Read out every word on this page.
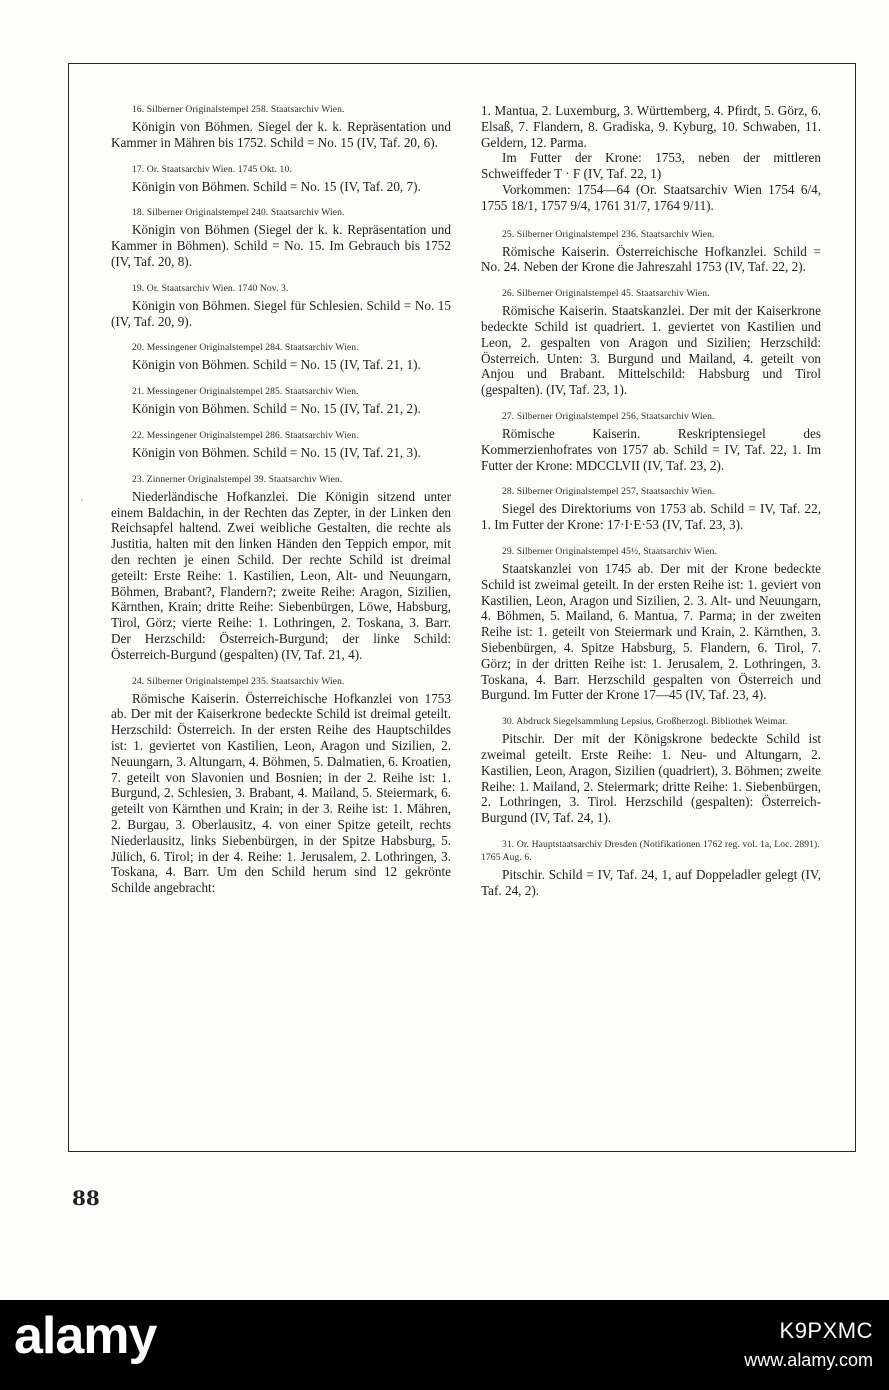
16. Silberner Originalstempel 258. Staatsarchiv Wien.

Königin von Böhmen. Siegel der k. k. Repräsentation und Kammer in Mähren bis 1752. Schild = No. 15 (IV, Taf. 20, 6).

17. Or. Staatsarchiv Wien. 1745 Okt. 10.

Königin von Böhmen. Schild = No. 15 (IV, Taf. 20, 7).

18. Silberner Originalstempel 240. Staatsarchiv Wien.

Königin von Böhmen (Siegel der k. k. Repräsentation und Kammer in Böhmen). Schild = No. 15. Im Gebrauch bis 1752 (IV, Taf. 20, 8).

19. Or. Staatsarchiv Wien. 1740 Nov. 3.

Königin von Böhmen. Siegel für Schlesien. Schild = No. 15 (IV, Taf. 20, 9).

20. Messingener Originalstempel 284. Staatsarchiv Wien.

Königin von Böhmen. Schild = No. 15 (IV, Taf. 21, 1).

21. Messingener Originalstempel 285. Staatsarchiv Wien.

Königin von Böhmen. Schild = No. 15 (IV, Taf. 21, 2).

22. Messingener Originalstempel 286. Staatsarchiv Wien.

Königin von Böhmen. Schild = No. 15 (IV, Taf. 21, 3).

23. Zinnerner Originalstempel 39. Staatsarchiv Wien.

Niederländische Hofkanzlei. Die Königin sitzend unter einem Baldachin, in der Rechten das Zepter, in der Linken den Reichsapfel haltend. Zwei weibliche Gestalten, die rechte als Justitia, halten mit den linken Händen den Teppich empor, mit den rechten je einen Schild. Der rechte Schild ist dreimal geteilt: Erste Reihe: 1. Kastilien, Leon, Alt- und Neuungarn, Böhmen, Brabant?, Flandern?; zweite Reihe: Aragon, Sizilien, Kärnthen, Krain; dritte Reihe: Siebenbürgen, Löwe, Habsburg, Tirol, Görz; vierte Reihe: 1. Lothringen, 2. Toskana, 3. Barr. Der Herzschild: Österreich-Burgund; der linke Schild: Österreich-Burgund (gespalten) (IV, Taf. 21, 4).

24. Silberner Originalstempel 235. Staatsarchiv Wien.

Römische Kaiserin. Österreichische Hofkanzlei von 1753 ab. Der mit der Kaiserkrone bedeckte Schild ist dreimal geteilt. Herzschild: Österreich. In der ersten Reihe des Hauptschildes ist: 1. geviertet von Kastilien, Leon, Aragon und Sizilien, 2. Neuungarn, 3. Altungarn, 4. Böhmen, 5. Dalmatien, 6. Kroatien, 7. geteilt von Slavonien und Bosnien; in der 2. Reihe ist: 1. Burgund, 2. Schlesien, 3. Brabant, 4. Mailand, 5. Steiermark, 6. geteilt von Kärnthen und Krain; in der 3. Reihe ist: 1. Mähren, 2. Burgau, 3. Oberlausitz, 4. von einer Spitze geteilt, rechts Niederlausitz, links Siebenbürgen, in der Spitze Habsburg, 5. Jülich, 6. Tirol; in der 4. Reihe: 1. Jerusalem, 2. Lothringen, 3. Toskana, 4. Barr. Um den Schild herum sind 12 gekrönte Schilde angebracht:

1. Mantua, 2. Luxemburg, 3. Württemberg, 4. Pfirdt, 5. Görz, 6. Elsaß, 7. Flandern, 8. Gradiska, 9. Kyburg, 10. Schwaben, 11. Geldern, 12. Parma.

Im Futter der Krone: 1753, neben der mittleren Schweiffeder T · F (IV, Taf. 22, 1)

Vorkommen: 1754—64 (Or. Staatsarchiv Wien 1754 6/4, 1755 18/1, 1757 9/4, 1761 31/7, 1764 9/11).

25. Silberner Originalstempel 236. Staatsarchiv Wien.

Römische Kaiserin. Österreichische Hofkanzlei. Schild = No. 24. Neben der Krone die Jahreszahl 1753 (IV, Taf. 22, 2).

26. Silberner Originalstempel 45. Staatsarchiv Wien.

Römische Kaiserin. Staatskanzlei. Der mit der Kaiserkrone bedeckte Schild ist quadriert. 1. geviertet von Kastilien und Leon, 2. gespalten von Aragon und Sizilien; Herzschild: Österreich. Unten: 3. Burgund und Mailand, 4. geteilt von Anjou und Brabant. Mittelschild: Habsburg und Tirol (gespalten). (IV, Taf. 23, 1).

27. Silberner Originalstempel 256, Staatsarchiv Wien.

Römische Kaiserin. Reskriptensiegel des Kommerzienhofrates von 1757 ab. Schild = IV, Taf. 22, 1. Im Futter der Krone: MDCCLVII (IV, Taf. 23, 2).

28. Silberner Originalstempel 257, Staatsarchiv Wien.

Siegel des Direktoriums von 1753 ab. Schild = IV, Taf. 22, 1. Im Futter der Krone: 17·I·E·53 (IV, Taf. 23, 3).

29. Silberner Originalstempel 45½, Staatsarchiv Wien.

Staatskanzlei von 1745 ab. Der mit der Krone bedeckte Schild ist zweimal geteilt. In der ersten Reihe ist: 1. geviert von Kastilien, Leon, Aragon und Sizilien, 2. 3. Alt- und Neuungarn, 4. Böhmen, 5. Mailand, 6. Mantua, 7. Parma; in der zweiten Reihe ist: 1. geteilt von Steiermark und Krain, 2. Kärnthen, 3. Siebenbürgen, 4. Spitze Habsburg, 5. Flandern, 6. Tirol, 7. Görz; in der dritten Reihe ist: 1. Jerusalem, 2. Lothringen, 3. Toskana, 4. Barr. Herzschild gespalten von Österreich und Burgund. Im Futter der Krone 17—45 (IV, Taf. 23, 4).

30. Abdruck Siegelsammlung Lepsius, Großherzogl. Bibliothek Weimar.

Pitschir. Der mit der Königskrone bedeckte Schild ist zweimal geteilt. Erste Reihe: 1. Neu- und Altungarn, 2. Kastilien, Leon, Aragon, Sizilien (quadriert), 3. Böhmen; zweite Reihe: 1. Mailand, 2. Steiermark; dritte Reihe: 1. Siebenbürgen, 2. Lothringen, 3. Tirol. Herzschild (gespalten): Österreich-Burgund (IV, Taf. 24, 1).

31. Or. Hauptstaatsarchiv Dresden (Notifikationen 1762 reg. vol. 1a, Loc. 2891). 1765 Aug. 6.

Pitschir. Schild = IV, Taf. 24, 1, auf Doppeladler gelegt (IV, Taf. 24, 2).

'
88
alamy	K9PXMC
www.alamy.com
